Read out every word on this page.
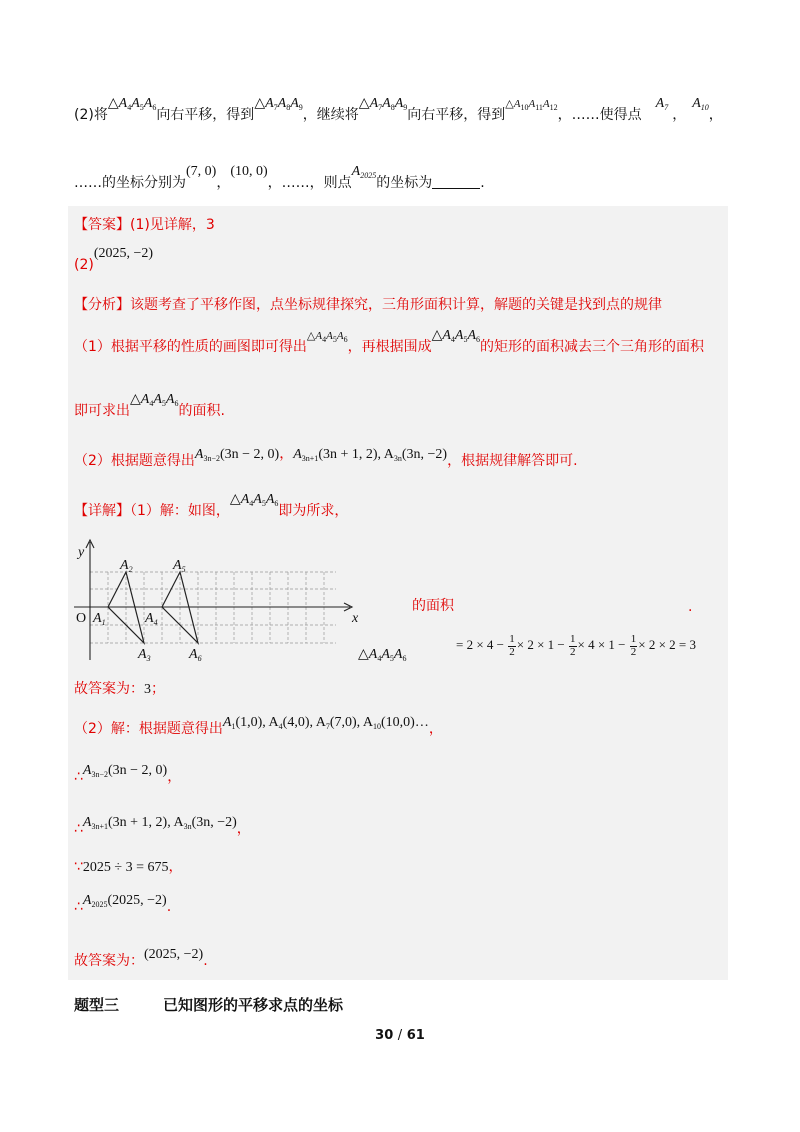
(2)将$\triangle A_4A_5A_6$向右平移，得到$\triangle A_7A_8A_9$，继续将$\triangle A_7A_8A_9$向右平移，得到$\triangle A_{10}A_{11}A_{12}$，……使得点$A_7$ ，$A_{10}$，
……的坐标分别为(7, 0)，(10, 0)，……，则点$A_{2025}$的坐标为	.
【答案】(1)见详解，3
(2)(2025, −2)
【分析】该题考查了平移作图，点坐标规律探究，三角形面积计算，解题的关键是找到点的规律
（1）根据平移的性质的画图即可得出$\triangle A_4A_5A_6$，再根据围成$\triangle A_4A_5A_6$的矩形的面积减去三个三角形的面积
即可求出$\triangle A_4A_5A_6$的面积.
（2）根据题意得出$A_{3n-2}(3n - 2$, 0)，$A_{3n+1}(3n + 1$, 2), $A_{3n}(3n$, −2)，根据规律解答即可.
【详解】（1）解：如图，$\triangle A_4A_5A_6$即为所求，
y
x
O $A_1$
$A_2$
$A_3$
$A_4$
$A_5$
$A_6$
的面积	.
$\triangle A_4A_5A_6$
= $2 \times 4 - \frac{1}{2} \times 2 \times 1 - \frac{1}{2} \times 4 \times 1 - \frac{1}{2} \times 2 \times 2 = 3$
故答案为：3；
（2）解：根据题意得出$A_1(1,0)$, $A_4(4,0)$, $A_7(7,0)$, $A_{10}(10,0)\dots$，
$\therefore A_{3n-2}(3n - 2$, 0)，
$\therefore A_{3n+1}(3n + 1$, 2), $A_{3n}(3n$, −2)，
∵2025 ÷ 3 = 675，
$\therefore A_{2025}(2025$, −2).
故答案为：(2025, −2).
题型三	已知图形的平移求点的坐标
30 / 61
